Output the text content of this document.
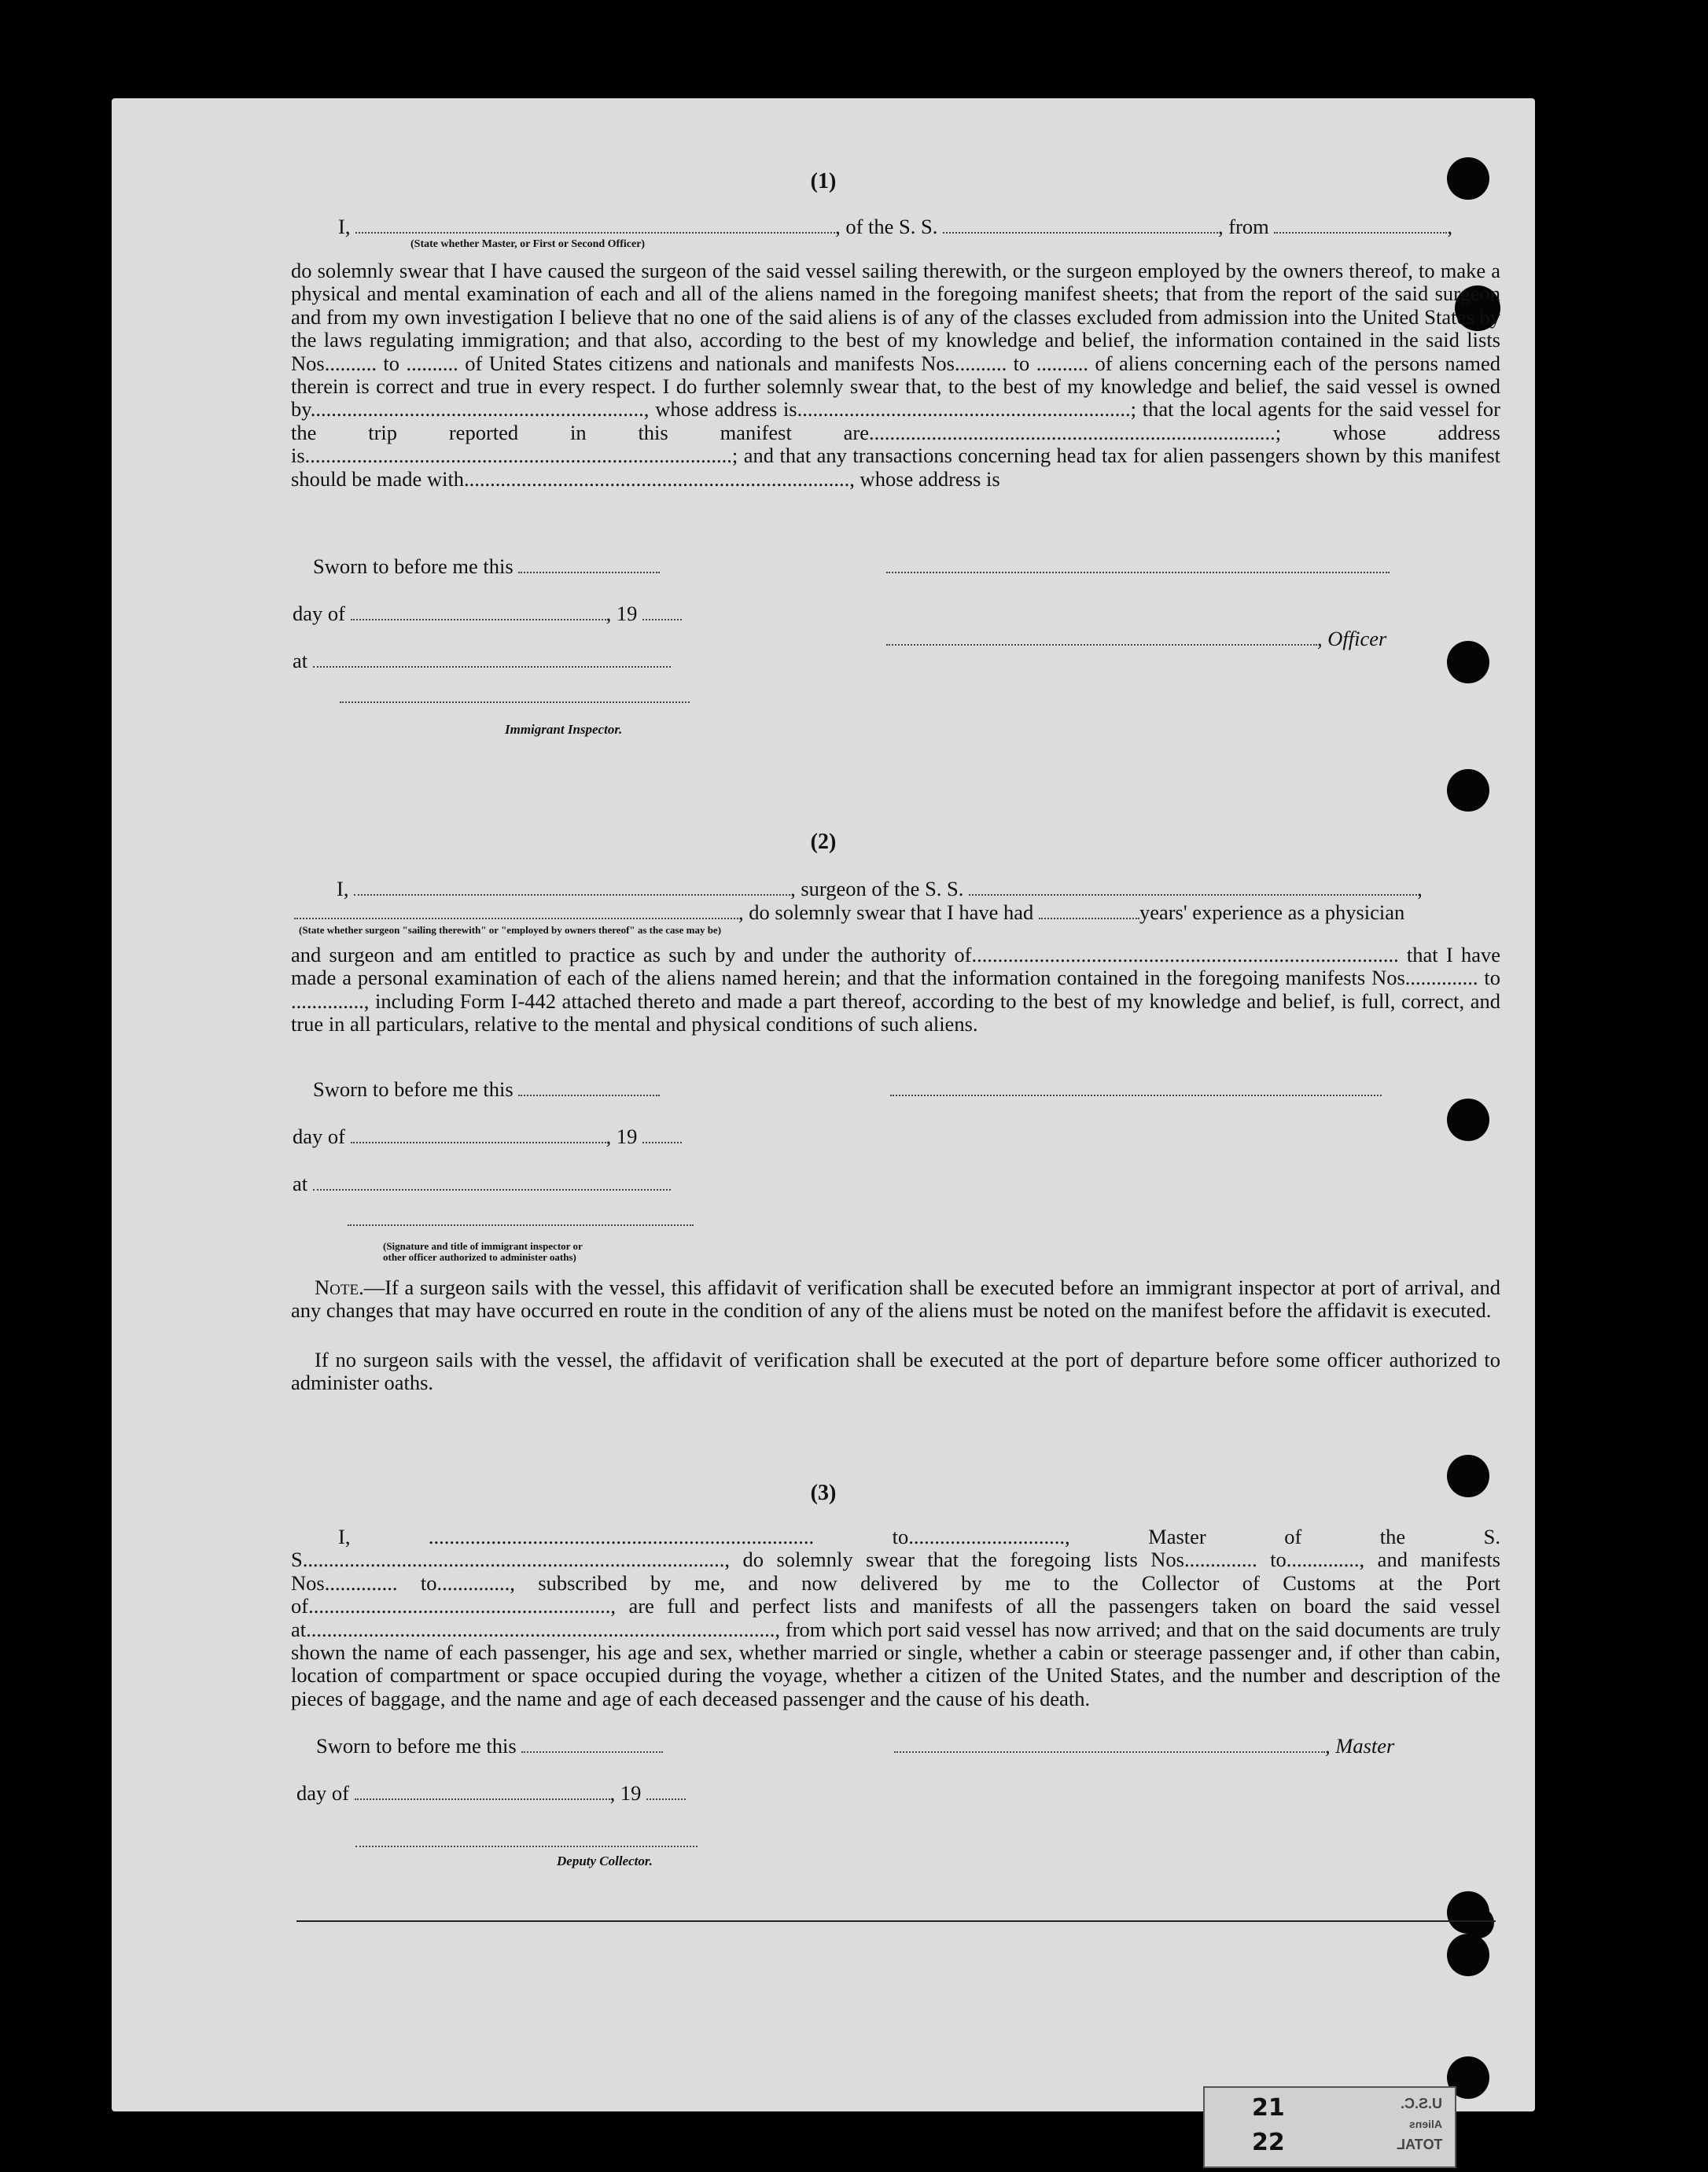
(1)
I,	, of the S. S.	, from	,
(State whether Master, or First or Second Officer)
do solemnly swear that I have caused the surgeon of the said vessel sailing therewith, or the surgeon employed by the owners thereof, to make a physical and mental examination of each and all of the aliens named in the foregoing manifest sheets; that from the report of the said surgeon and from my own investigation I believe that no one of the said aliens is of any of the classes excluded from admission into the United States by the laws regulating immigration; and that also, according to the best of my knowledge and belief, the information contained in the said lists Nos.......... to .......... of United States citizens and nationals and manifests Nos.......... to .......... of aliens concerning each of the persons named therein is correct and true in every respect. I do further solemnly swear that, to the best of my knowledge and belief, the said vessel is owned by................................................................, whose address is................................................................; that the local agents for the said vessel for the trip reported in this manifest are..............................................................................; whose address is..................................................................................; and that any transactions concerning head tax for alien passengers shown by this manifest should be made with.........................................................................., whose address is
Sworn to before me this
day of	, 19
, Officer
at
Immigrant Inspector.
(2)
I,	, surgeon of the S. S.	,
, do solemnly swear that I have had	years' experience as a physician
(State whether surgeon "sailing therewith" or "employed by owners thereof" as the case may be)
and surgeon and am entitled to practice as such by and under the authority of.................................................................................. that I have made a personal examination of each of the aliens named herein; and that the information contained in the foregoing manifests Nos.............. to .............., including Form I-442 attached thereto and made a part thereof, according to the best of my knowledge and belief, is full, correct, and true in all particulars, relative to the mental and physical conditions of such aliens.
Sworn to before me this
day of	, 19
at
(Signature and title of immigrant inspector or
other officer authorized to administer oaths)
Note.—If a surgeon sails with the vessel, this affidavit of verification shall be executed before an immigrant inspector at port of arrival, and any changes that may have occurred en route in the condition of any of the aliens must be noted on the manifest before the affidavit is executed.
If no surgeon sails with the vessel, the affidavit of verification shall be executed at the port of departure before some officer authorized to administer oaths.
(3)
I, .......................................................................... to.............................., Master of the S. S................................................................................., do solemnly swear that the foregoing lists Nos.............. to.............., and manifests Nos.............. to.............., subscribed by me, and now delivered by me to the Collector of Customs at the Port of.........................................................., are full and perfect lists and manifests of all the passengers taken on board the said vessel at.........................................................................................., from which port said vessel has now arrived; and that on the said documents are truly shown the name of each passenger, his age and sex, whether married or single, whether a cabin or steerage passenger and, if other than cabin, location of compartment or space occupied during the voyage, whether a citizen of the United States, and the number and description of the pieces of baggage, and the name and age of each deceased passenger and the cause of his death.
Sworn to before me this	, Master
day of	, 19
Deputy Collector.
21
22
U.S.C.
Aliens
TOTAL
